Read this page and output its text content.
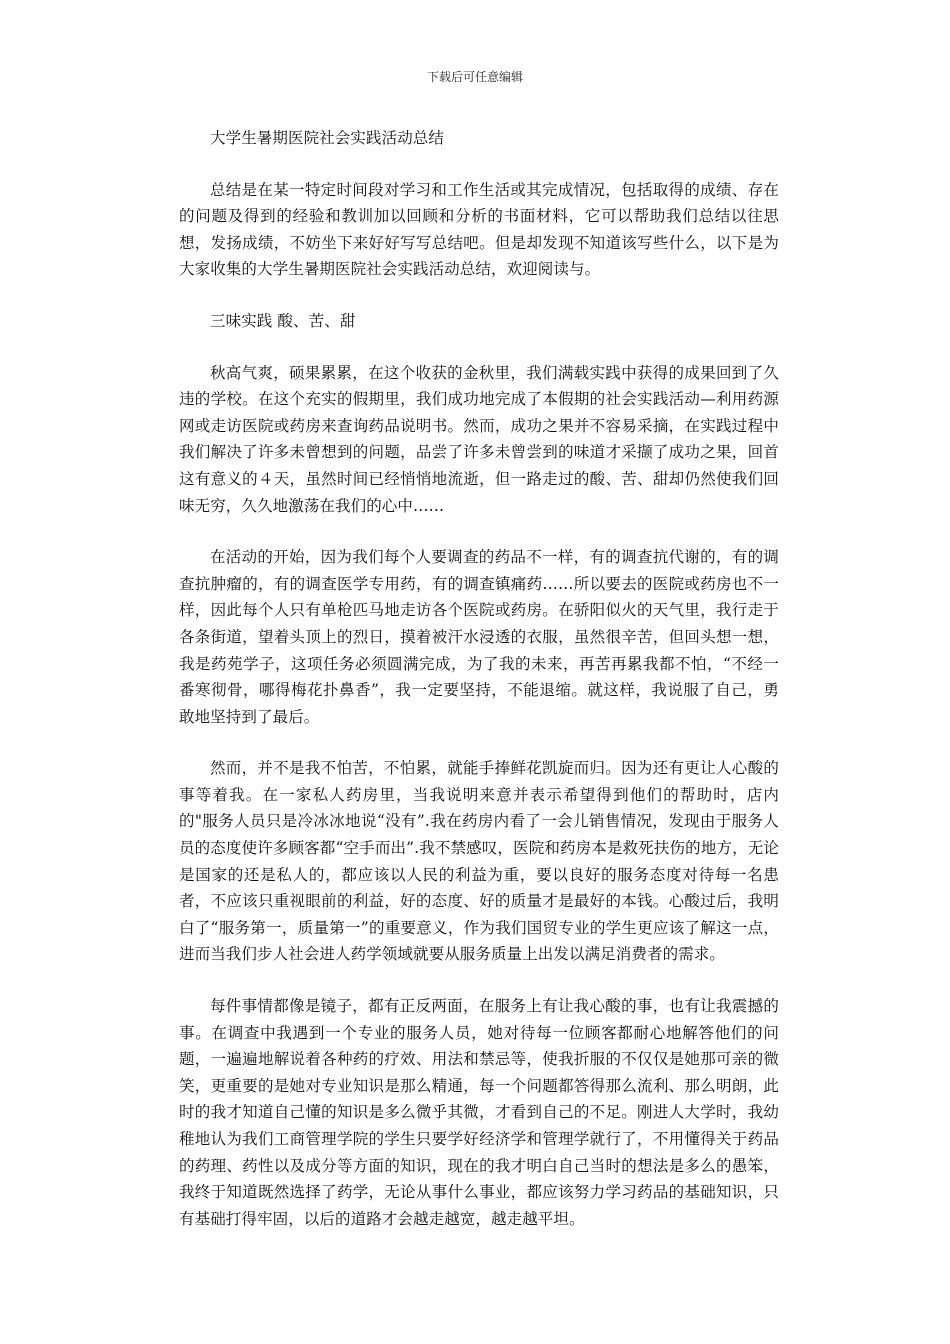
下载后可任意编辑

大学生暑期医院社会实践活动总结

总结是在某一特定时间段对学习和工作生活或其完成情况，包括取得的成绩、存在的问题及得到的经验和教训加以回顾和分析的书面材料，它可以帮助我们总结以往思想，发扬成绩，不妨坐下来好好写写总结吧。但是却发现不知道该写些什么，以下是为大家收集的大学生暑期医院社会实践活动总结，欢迎阅读与。

三味实践 酸、苦、甜

秋高气爽，硕果累累，在这个收获的金秋里，我们满载实践中获得的成果回到了久违的学校。在这个充实的假期里，我们成功地完成了本假期的社会实践活动—利用药源网或走访医院或药房来查询药品说明书。然而，成功之果并不容易采摘，在实践过程中我们解决了许多未曾想到的问题，品尝了许多未曾尝到的味道才采撷了成功之果，回首这有意义的４天，虽然时间已经悄悄地流逝，但一路走过的酸、苦、甜却仍然使我们回味无穷，久久地激荡在我们的心中……

在活动的开始，因为我们每个人要调查的药品不一样，有的调查抗代谢的，有的调查抗肿瘤的，有的调查医学专用药，有的调查镇痛药……所以要去的医院或药房也不一样，因此每个人只有单枪匹马地走访各个医院或药房。在骄阳似火的天气里，我行走于各条街道，望着头顶上的烈日，摸着被汗水浸透的衣服，虽然很辛苦，但回头想一想，我是药苑学子，这项任务必须圆满完成，为了我的未来，再苦再累我都不怕，“不经一番寒彻骨，哪得梅花扑鼻香”，我一定要坚持，不能退缩。就这样，我说服了自己，勇敢地坚持到了最后。

然而，并不是我不怕苦，不怕累，就能手捧鲜花凯旋而归。因为还有更让人心酸的事等着我。在一家私人药房里，当我说明来意并表示希望得到他们的帮助时，店内的"服务人员只是冷冰冰地说“没有”.我在药房内看了一会儿销售情况，发现由于服务人员的态度使许多顾客都“空手而出”.我不禁感叹，医院和药房本是救死扶伤的地方，无论是国家的还是私人的，都应该以人民的利益为重，要以良好的服务态度对待每一名患者，不应该只重视眼前的利益，好的态度、好的质量才是最好的本钱。心酸过后，我明白了“服务第一，质量第一”的重要意义，作为我们国贸专业的学生更应该了解这一点，进而当我们步人社会进人药学领域就要从服务质量上出发以满足消费者的需求。

每件事情都像是镜子，都有正反两面，在服务上有让我心酸的事，也有让我震撼的事。在调查中我遇到一个专业的服务人员，她对待每一位顾客都耐心地解答他们的问题，一遍遍地解说着各种药的疗效、用法和禁忌等，使我折服的不仅仅是她那可亲的微笑，更重要的是她对专业知识是那么精通，每一个问题都答得那么流利、那么明朗，此时的我才知道自己懂的知识是多么微乎其微，才看到自己的不足。刚进人大学时，我幼稚地认为我们工商管理学院的学生只要学好经济学和管理学就行了，不用懂得关于药品的药理、药性以及成分等方面的知识，现在的我才明白自己当时的想法是多么的愚笨，我终于知道既然选择了药学，无论从事什么事业，都应该努力学习药品的基础知识，只有基础打得牢固，以后的道路才会越走越宽，越走越平坦。
